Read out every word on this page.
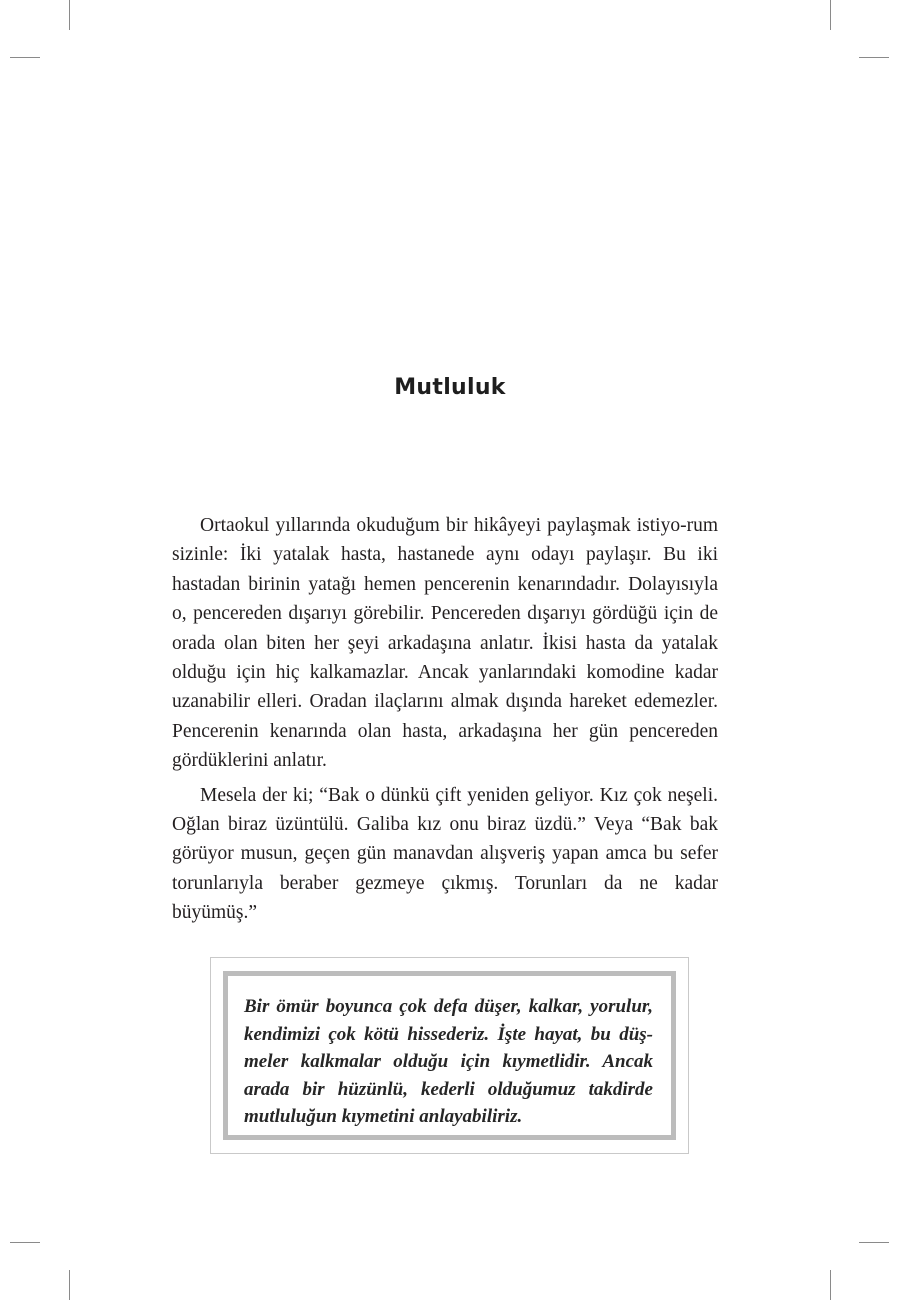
Mutluluk

Ortaokul yıllarında okuduğum bir hikâyeyi paylaşmak istiyo-rum sizinle: İki yatalak hasta, hastanede aynı odayı paylaşır. Bu iki hastadan birinin yatağı hemen pencerenin kenarındadır. Dolayısıyla o, pencereden dışarıyı görebilir. Pencereden dışarıyı gördüğü için de orada olan biten her şeyi arkadaşına anlatır. İkisi hasta da yatalak olduğu için hiç kalkamazlar. Ancak yanlarındaki komodine kadar uzanabilir elleri. Oradan ilaçlarını almak dışında hareket edemezler. Pencerenin kenarında olan hasta, arkadaşına her gün pencereden gördüklerini anlatır.

Mesela der ki; “Bak o dünkü çift yeniden geliyor. Kız çok neşeli. Oğlan biraz üzüntülü. Galiba kız onu biraz üzdü.” Veya “Bak bak görüyor musun, geçen gün manavdan alışveriş yapan amca bu sefer torunlarıyla beraber gezmeye çıkmış. Torunları da ne kadar büyümüş.”

Bir ömür boyunca çok defa düşer, kalkar, yorulur, kendimizi çok kötü hissederiz. İşte hayat, bu düş-meler kalkmalar olduğu için kıymetlidir. Ancak arada bir hüzünlü, kederli olduğumuz takdirde mutluluğun kıymetini anlayabiliriz.
